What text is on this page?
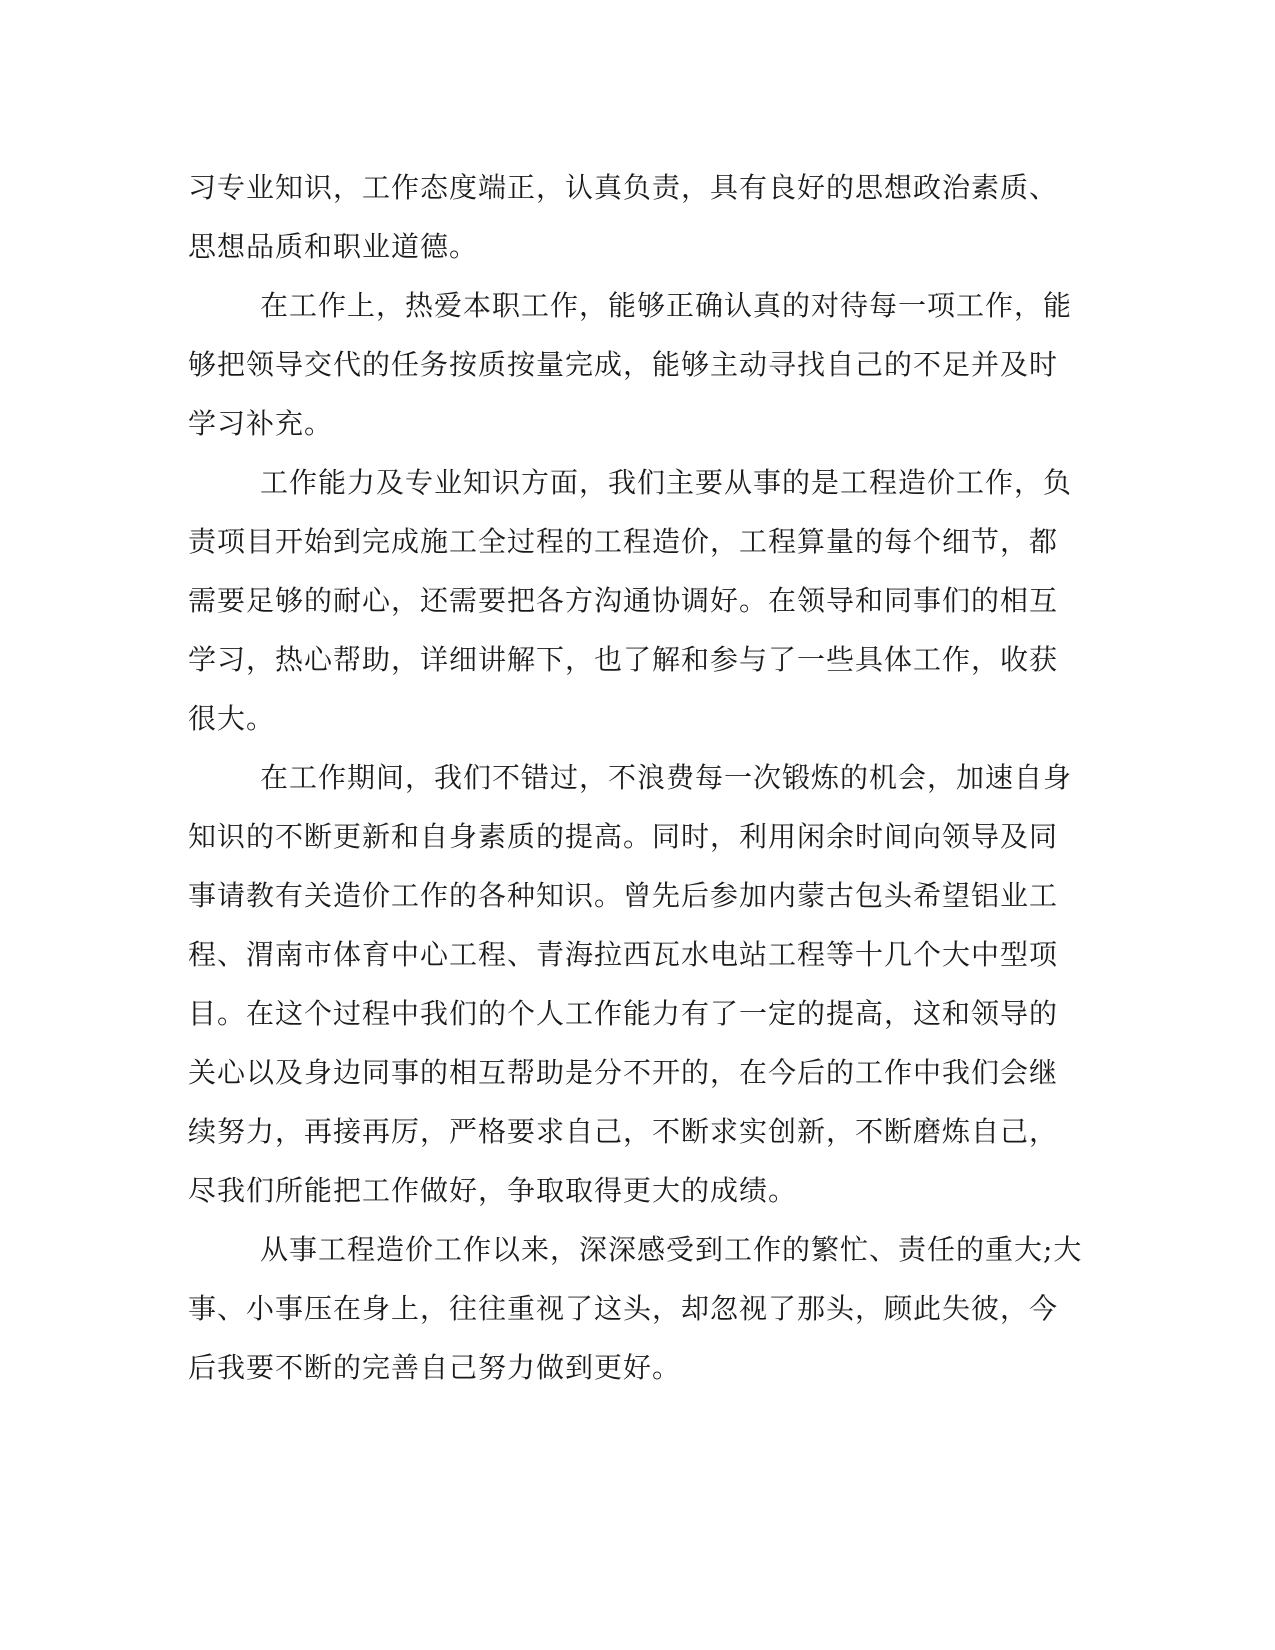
习专业知识，工作态度端正，认真负责，具有良好的思想政治素质、
思想品质和职业道德。
在工作上，热爱本职工作，能够正确认真的对待每一项工作，能
够把领导交代的任务按质按量完成，能够主动寻找自己的不足并及时
学习补充。
工作能力及专业知识方面，我们主要从事的是工程造价工作，负
责项目开始到完成施工全过程的工程造价，工程算量的每个细节，都
需要足够的耐心，还需要把各方沟通协调好。在领导和同事们的相互
学习，热心帮助，详细讲解下，也了解和参与了一些具体工作，收获
很大。
在工作期间，我们不错过，不浪费每一次锻炼的机会，加速自身
知识的不断更新和自身素质的提高。同时，利用闲余时间向领导及同
事请教有关造价工作的各种知识。曾先后参加内蒙古包头希望铝业工
程、渭南市体育中心工程、青海拉西瓦水电站工程等十几个大中型项
目。在这个过程中我们的个人工作能力有了一定的提高，这和领导的
关心以及身边同事的相互帮助是分不开的，在今后的工作中我们会继
续努力，再接再厉，严格要求自己，不断求实创新，不断磨炼自己，
尽我们所能把工作做好，争取取得更大的成绩。
从事工程造价工作以来，深深感受到工作的繁忙、责任的重大;大
事、小事压在身上，往往重视了这头，却忽视了那头，顾此失彼，今
后我要不断的完善自己努力做到更好。
